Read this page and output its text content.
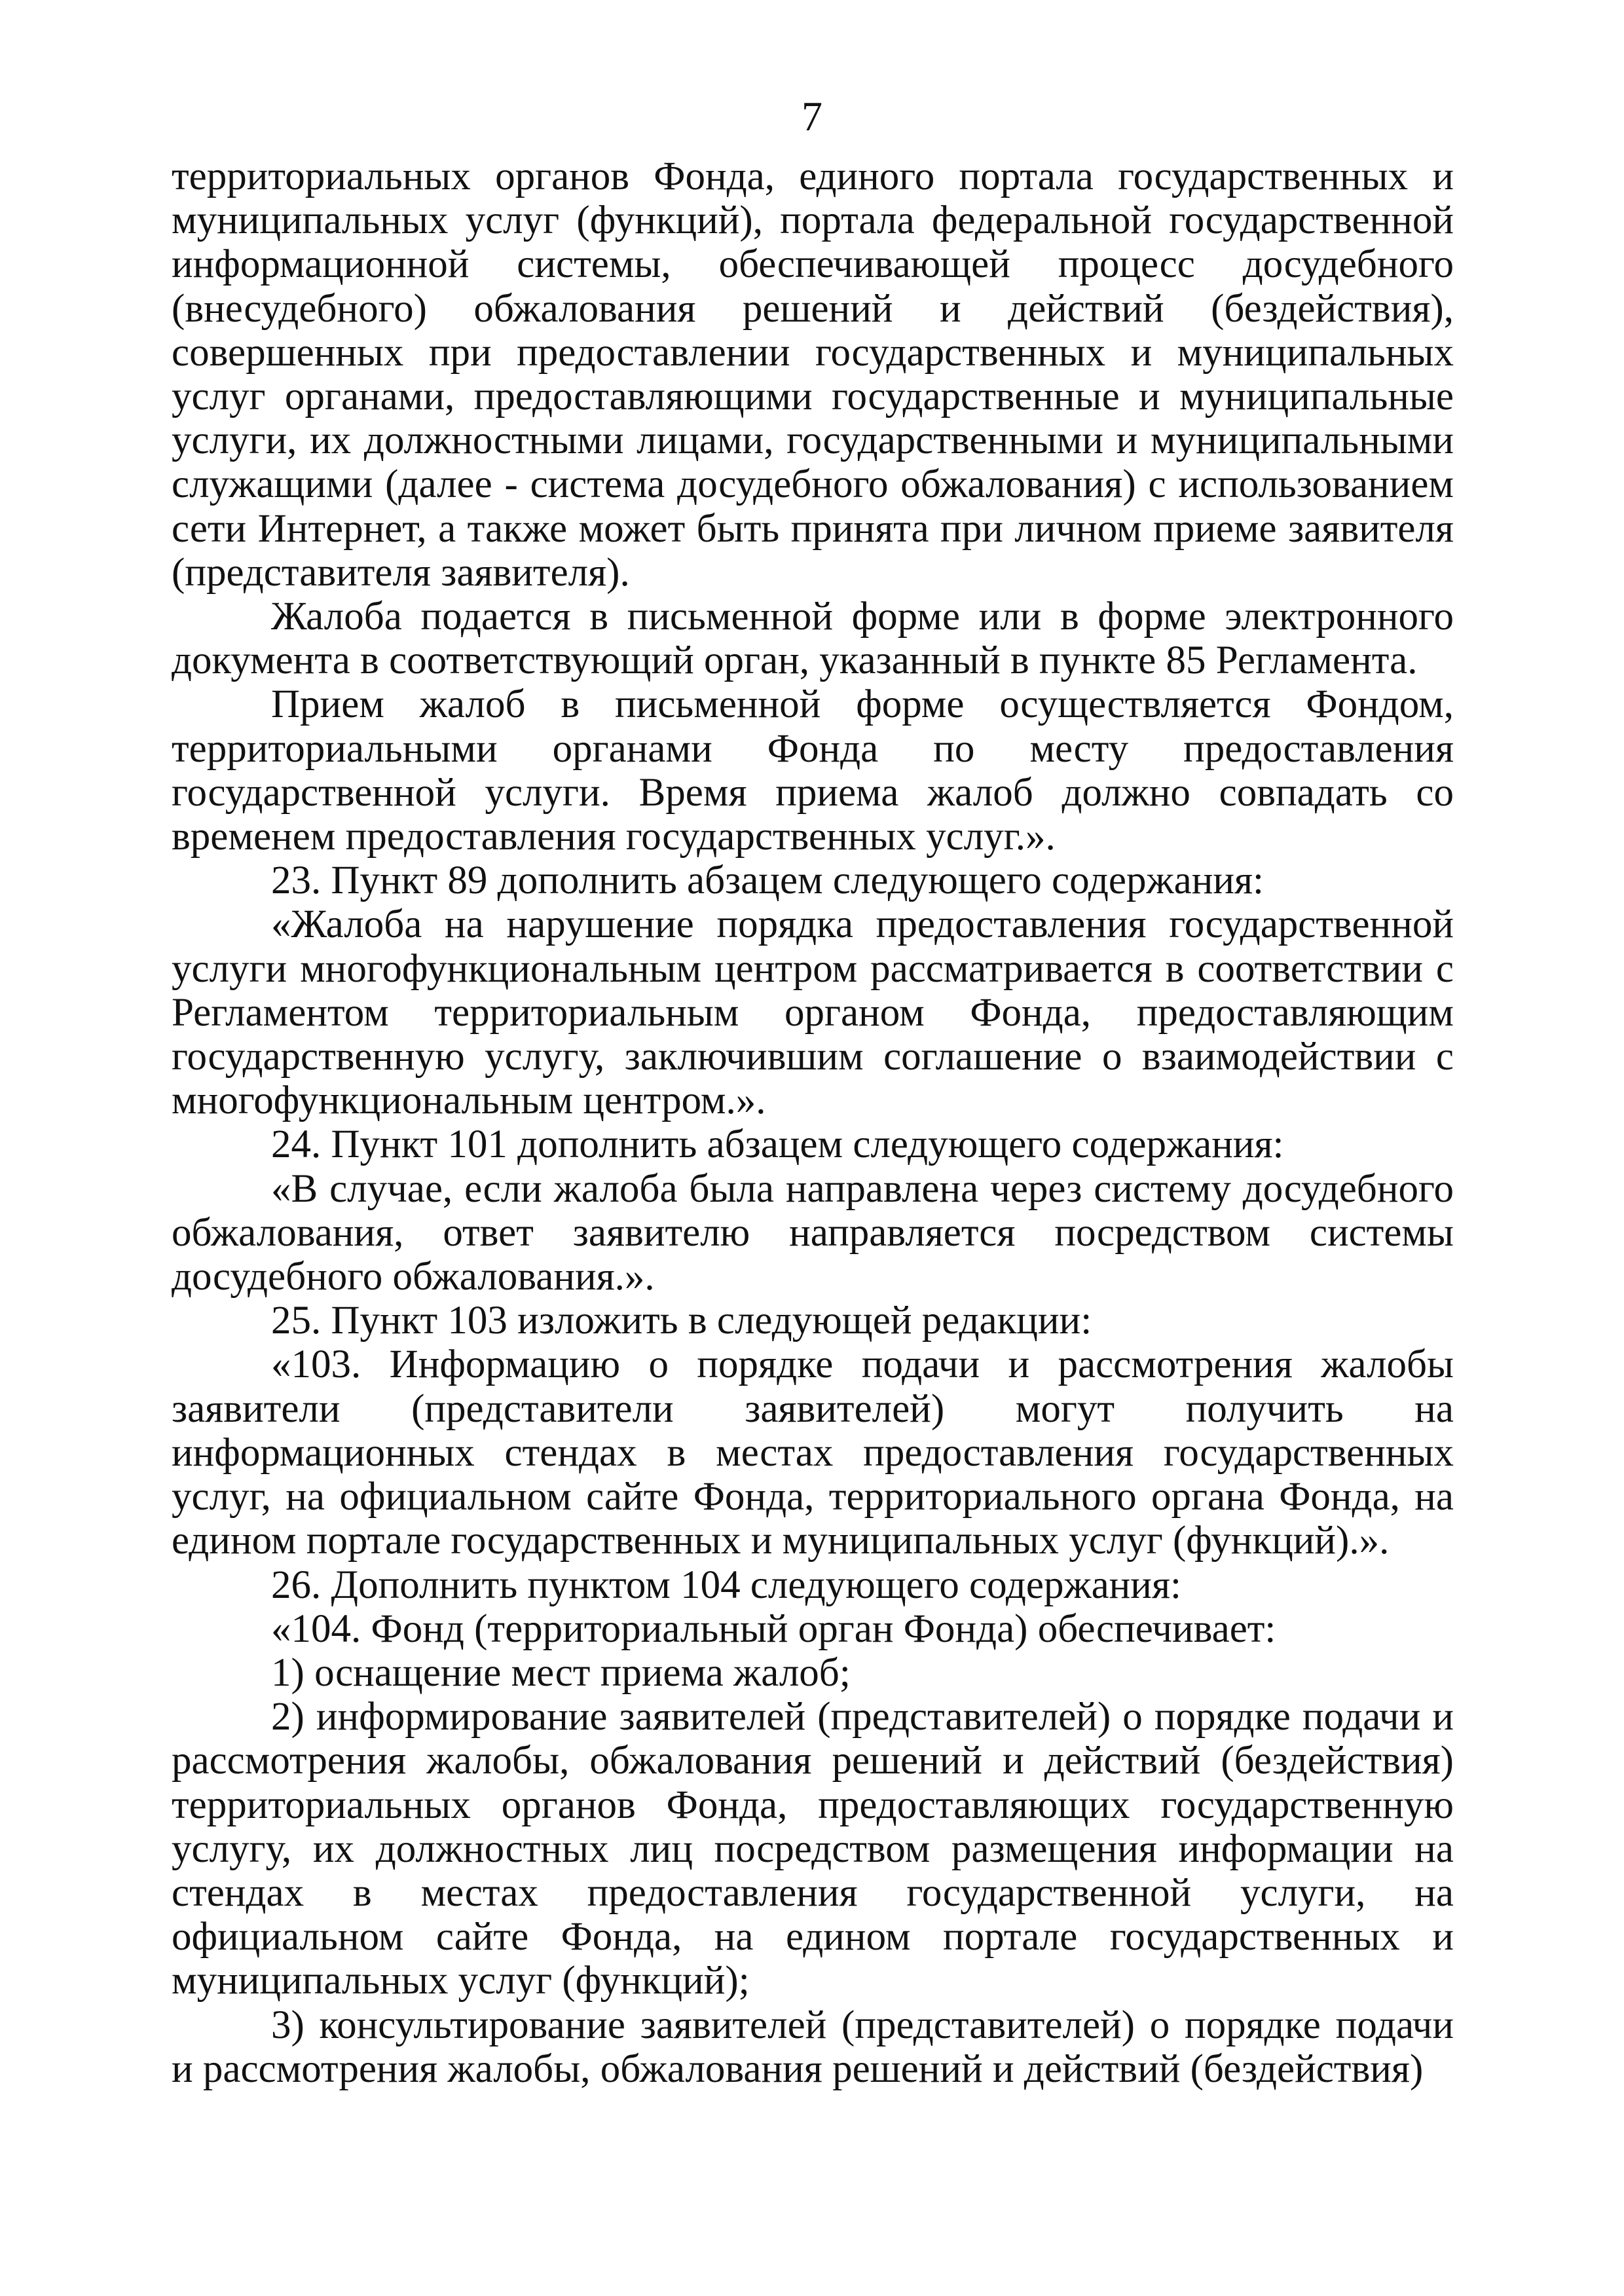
7

территориальных органов Фонда, единого портала государственных и муниципальных услуг (функций), портала федеральной государственной информационной системы, обеспечивающей процесс досудебного (внесудебного) обжалования решений и действий (бездействия), совершенных при предоставлении государственных и муниципальных услуг органами, предоставляющими государственные и муниципальные услуги, их должностными лицами, государственными и муниципальными служащими (далее - система досудебного обжалования) с использованием сети Интернет, а также может быть принята при личном приеме заявителя (представителя заявителя).

Жалоба подается в письменной форме или в форме электронного документа в соответствующий орган, указанный в пункте 85 Регламента.

Прием жалоб в письменной форме осуществляется Фондом, территориальными органами Фонда по месту предоставления государственной услуги. Время приема жалоб должно совпадать со временем предоставления государственных услуг.».

23. Пункт 89 дополнить абзацем следующего содержания:

«Жалоба на нарушение порядка предоставления государственной услуги многофункциональным центром рассматривается в соответствии с Регламентом территориальным органом Фонда, предоставляющим государственную услугу, заключившим соглашение о взаимодействии с многофункциональным центром.».

24. Пункт 101 дополнить абзацем следующего содержания:

«В случае, если жалоба была направлена через систему досудебного обжалования, ответ заявителю направляется посредством системы досудебного обжалования.».

25. Пункт 103 изложить в следующей редакции:

«103. Информацию о порядке подачи и рассмотрения жалобы заявители (представители заявителей) могут получить на информационных стендах в местах предоставления государственных услуг, на официальном сайте Фонда, территориального органа Фонда, на едином портале государственных и муниципальных услуг (функций).».

26. Дополнить пунктом 104 следующего содержания:

«104. Фонд (территориальный орган Фонда) обеспечивает:

1) оснащение мест приема жалоб;

2) информирование заявителей (представителей) о порядке подачи и рассмотрения жалобы, обжалования решений и действий (бездействия) территориальных органов Фонда, предоставляющих государственную услугу, их должностных лиц посредством размещения информации на стендах в местах предоставления государственной услуги, на официальном сайте Фонда, на едином портале государственных и муниципальных услуг (функций);

3) консультирование заявителей (представителей) о порядке подачи и рассмотрения жалобы, обжалования решений и действий (бездействия)
